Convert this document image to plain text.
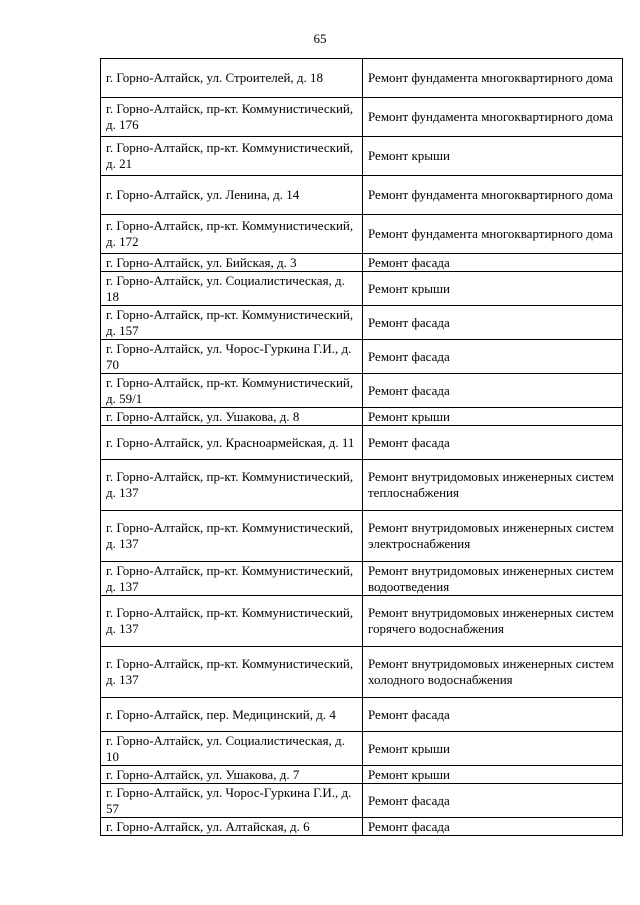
65
г. Горно-Алтайск, ул. Строителей, д. 18	Ремонт фундамента многоквартирного дома
г. Горно-Алтайск, пр-кт. Коммунистический, д. 176	Ремонт фундамента многоквартирного дома
г. Горно-Алтайск, пр-кт. Коммунистический, д. 21	Ремонт крыши
г. Горно-Алтайск, ул. Ленина, д. 14	Ремонт фундамента многоквартирного дома
г. Горно-Алтайск, пр-кт. Коммунистический, д. 172	Ремонт фундамента многоквартирного дома
г. Горно-Алтайск, ул. Бийская, д. 3	Ремонт фасада
г. Горно-Алтайск, ул. Социалистическая, д. 18	Ремонт крыши
г. Горно-Алтайск, пр-кт. Коммунистический, д. 157	Ремонт фасада
г. Горно-Алтайск, ул. Чорос-Гуркина Г.И., д. 70	Ремонт фасада
г. Горно-Алтайск, пр-кт. Коммунистический, д. 59/1	Ремонт фасада
г. Горно-Алтайск, ул. Ушакова, д. 8	Ремонт крыши
г. Горно-Алтайск, ул. Красноармейская, д. 11	Ремонт фасада
г. Горно-Алтайск, пр-кт. Коммунистический, д. 137	Ремонт внутридомовых инженерных систем теплоснабжения
г. Горно-Алтайск, пр-кт. Коммунистический, д. 137	Ремонт внутридомовых инженерных систем электроснабжения
г. Горно-Алтайск, пр-кт. Коммунистический, д. 137	Ремонт внутридомовых инженерных систем водоотведения
г. Горно-Алтайск, пр-кт. Коммунистический, д. 137	Ремонт внутридомовых инженерных систем горячего водоснабжения
г. Горно-Алтайск, пр-кт. Коммунистический, д. 137	Ремонт внутридомовых инженерных систем холодного водоснабжения
г. Горно-Алтайск, пер. Медицинский, д. 4	Ремонт фасада
г. Горно-Алтайск, ул. Социалистическая, д. 10	Ремонт крыши
г. Горно-Алтайск, ул. Ушакова, д. 7	Ремонт крыши
г. Горно-Алтайск, ул. Чорос-Гуркина Г.И., д. 57	Ремонт фасада
г. Горно-Алтайск, ул. Алтайская, д. 6	Ремонт фасада
